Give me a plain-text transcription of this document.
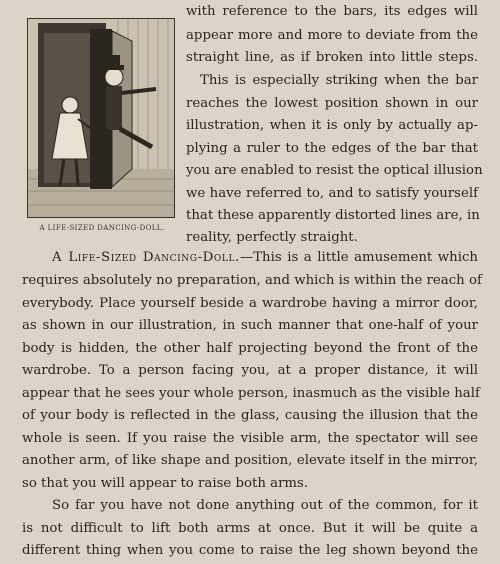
A LIFE-SIZED DANCING-DOLL.
with reference to the bars, its edges will
appear more and more to deviate from the
straight line, as if broken into little steps.
This is especially striking when the bar
reaches the lowest position shown in our
illustration, when it is only by actually ap-
plying a ruler to the edges of the bar that
you are enabled to resist the optical illusion
we have referred to, and to satisfy yourself
that these apparently distorted lines are, in
reality, perfectly straight.
A Life-Sized Dancing-Doll.—This is a little amusement which
requires absolutely no preparation, and which is within the reach of
everybody. Place yourself beside a wardrobe having a mirror door,
as shown in our illustration, in such manner that one-half of your
body is hidden, the other half projecting beyond the front of the
wardrobe. To a person facing you, at a proper distance, it will
appear that he sees your whole person, inasmuch as the visible half
of your body is reflected in the glass, causing the illusion that the
whole is seen. If you raise the visible arm, the spectator will see
another arm, of like shape and position, elevate itself in the mirror,
so that you will appear to raise both arms.
So far you have not done anything out of the common, for it
is not difficult to lift both arms at once. But it will be quite a
different thing when you come to raise the leg shown beyond the
